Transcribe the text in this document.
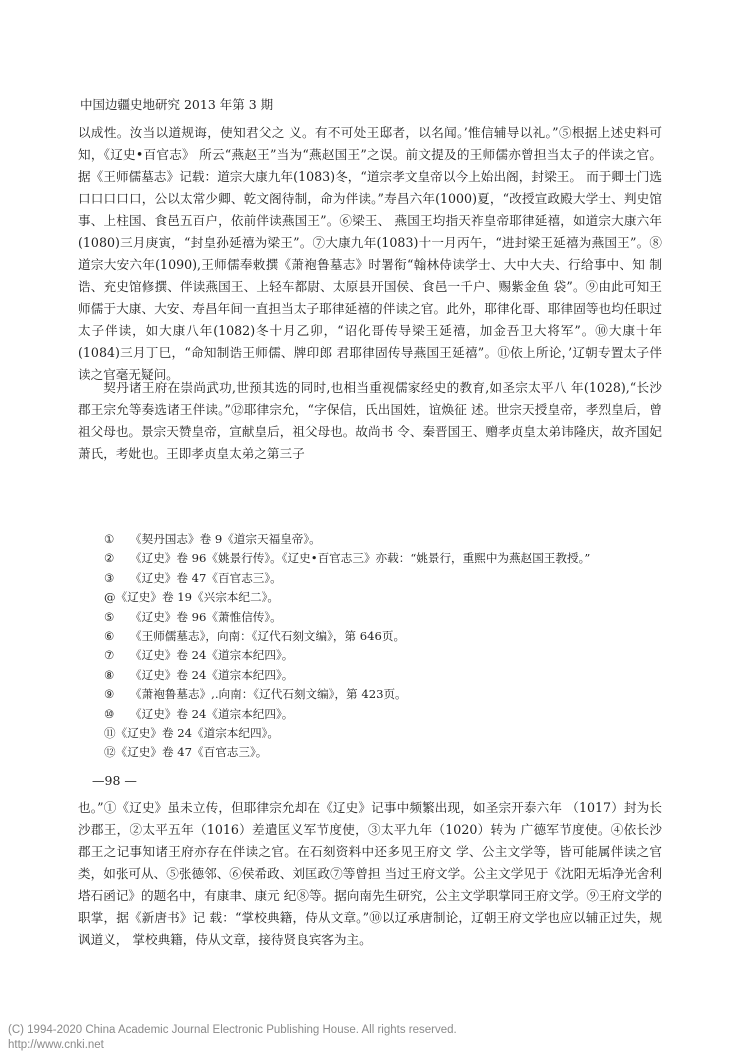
中国边疆史地研究 2013 年第 3 期

以成性。汝当以道规诲，使知君父之 义。有不可处王邸者，以名闻。’惟信辅导以礼。”⑤根据上述史料可知，《辽史•百官志》 所云“燕赵王”当为“燕赵国王”之误。前文提及的王师儒亦曾担当太子的伴读之官。据《王师儒墓志》记载：道宗大康九年(1083)冬，“道宗孝文皇帝以今上始出阁，封梁王。 而于卿士门选口口口口口，公以太常少卿、乾文阁待制，命为伴读。”寿昌六年(1000)夏，“改授宣政殿大学士、判史馆事、上柱国、食邑五百户，依前伴读燕国王”。⑥梁王、 燕国王均指天祚皇帝耶律延禧，如道宗大康六年(1080)三月庚寅，“封皇孙延禧为梁王”。⑦大康九年(1083)十一月丙午，“进封梁王延禧为燕国王”。⑧道宗大安六年(1090),王师儒奉敕撰《萧袍鲁墓志》时署衔“翰林侍读学士、大中大夫、行给事中、知 制诰、充史馆修撰、伴读燕国王、上轻车都尉、太原县开国侯、食邑一千户、赐紫金鱼 袋”。⑨由此可知王师儒于大康、大安、寿昌年间一直担当太子耶律延禧的伴读之官。此外，耶律化哥、耶律固等也均任职过太子伴读，如大康八年(1082)冬十月乙卯，“诏化哥传导梁王延禧，加金吾卫大将军”。⑩大康十年(1084)三月丁巳，“命知制诰王师儒、牌印郎 君耶律固传导燕国王延禧”。⑪依上所论，’辽朝专置太子伴读之官毫无疑问。

契丹诸王府在崇尚武功,世预其选的同时,也相当重视儒家经史的教育,如圣宗太平八 年(1028),“长沙郡王宗允等奏选诸王伴读。”⑫耶律宗允，“字保信，氏出国姓，谊焕征 述。世宗天授皇帝，孝烈皇后，曾祖父母也。景宗天赞皇帝，宣献皇后，祖父母也。故尚书 令、秦晋国王、赠孝贞皇太弟讳隆庆，故齐国妃萧氏，考妣也。王即孝贞皇太弟之第三子

① 《契丹国志》卷 9《道宗天福皇帝》。
② 《辽史》卷 96《姚景行传》。《辽史•百官志三》亦载：“姚景行，重熙中为燕赵国王教授。”
③ 《辽史》卷 47《百官志三》。
@《辽史》卷 19《兴宗本纪二》。
⑤ 《辽史》卷 96《萧惟信传》。
⑥ 《王师儒墓志》，向南：《辽代石刻文编》，第 646页。
⑦ 《辽史》卷 24《道宗本纪四》。
⑧ 《辽史》卷 24《道宗本纪四》。
⑨ 《萧袍鲁墓志》,.向南：《辽代石刻文编》，第 423页。
⑩ 《辽史》卷 24《道宗本纪四》。
⑪《辽史》卷 24《道宗本纪四》。
⑫《辽史》卷 47《百官志三》。
—98 —

也。”①《辽史》虽未立传，但耶律宗允却在《辽史》记事中频繁出现，如圣宗开泰六年 （1017）封为长沙郡王，②太平五年（1016）差遣匡义军节度使，③太平九年（1020）转为 广德军节度使。④依长沙郡王之记事知诸王府亦存在伴读之官。在石刻资料中还多见王府文 学、公主文学等，皆可能属伴读之官类，如张可从、⑤张德邻、⑥侯希政、刘匡政⑦等曾担 当过王府文学。公主文学见于《沈阳无垢净光舍利塔石函记》的题名中，有康聿、康元 纪⑧等。据向南先生研究，公主文学职掌同王府文学。⑨王府文学的职掌，据《新唐书》记 载：“掌校典籍，侍从文章。”⑩以辽承唐制论，辽朝王府文学也应以辅正过失，规讽道义， 掌校典籍，侍从文章，接待贤良宾客为主。

(C) 1994-2020 China Academic Journal Electronic Publishing House. All rights reserved.
http://www.cnki.net
